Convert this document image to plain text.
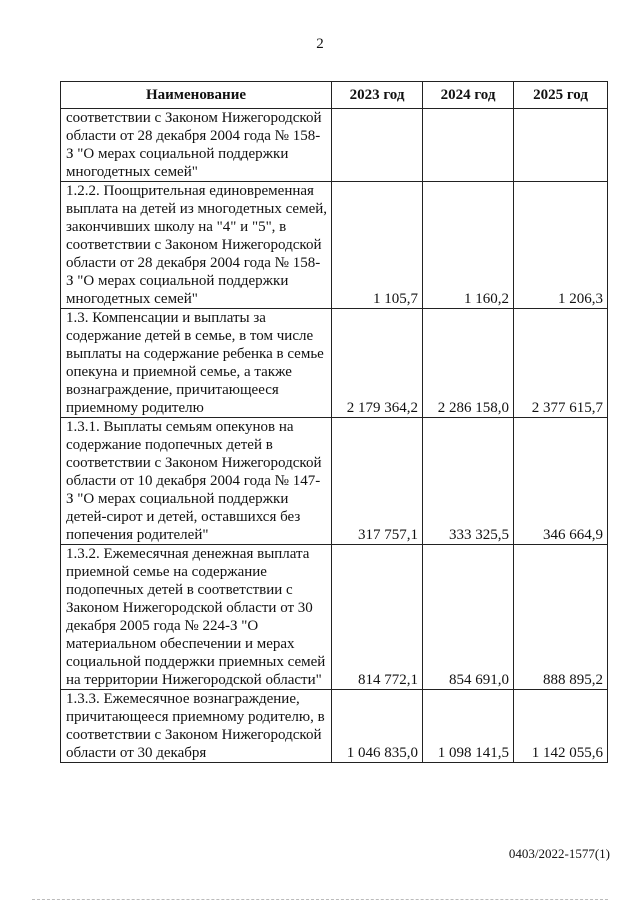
2
Наименование	2023 год	2024 год	2025 год
соответствии с Законом Нижегородской области от 28 декабря 2004 года № 158-З "О мерах социальной поддержки многодетных семей"			
1.2.2. Поощрительная единовременная выплата на детей из многодетных семей, закончивших школу на "4" и "5", в соответствии с Законом Нижегородской области от 28 декабря 2004 года № 158-З "О мерах социальной поддержки многодетных семей"	1 105,7	1 160,2	1 206,3
1.3. Компенсации и выплаты за содержание детей в семье, в том числе выплаты на содержание ребенка в семье опекуна и приемной семье, а также вознаграждение, причитающееся приемному родителю	2 179 364,2	2 286 158,0	2 377 615,7
1.3.1. Выплаты семьям опекунов на содержание подопечных детей в соответствии с Законом Нижегородской области от 10 декабря 2004 года № 147-З "О мерах социальной поддержки детей-сирот и детей, оставшихся без попечения родителей"	317 757,1	333 325,5	346 664,9
1.3.2. Ежемесячная денежная выплата приемной семье на содержание подопечных детей в соответствии с Законом Нижегородской области от 30 декабря 2005 года № 224-З "О материальном обеспечении и мерах социальной поддержки приемных семей на территории Нижегородской области"	814 772,1	854 691,0	888 895,2
1.3.3. Ежемесячное вознаграждение, причитающееся приемному родителю, в соответствии с Законом Нижегородской области от 30 декабря	1 046 835,0	1 098 141,5	1 142 055,6
0403/2022-1577(1)
